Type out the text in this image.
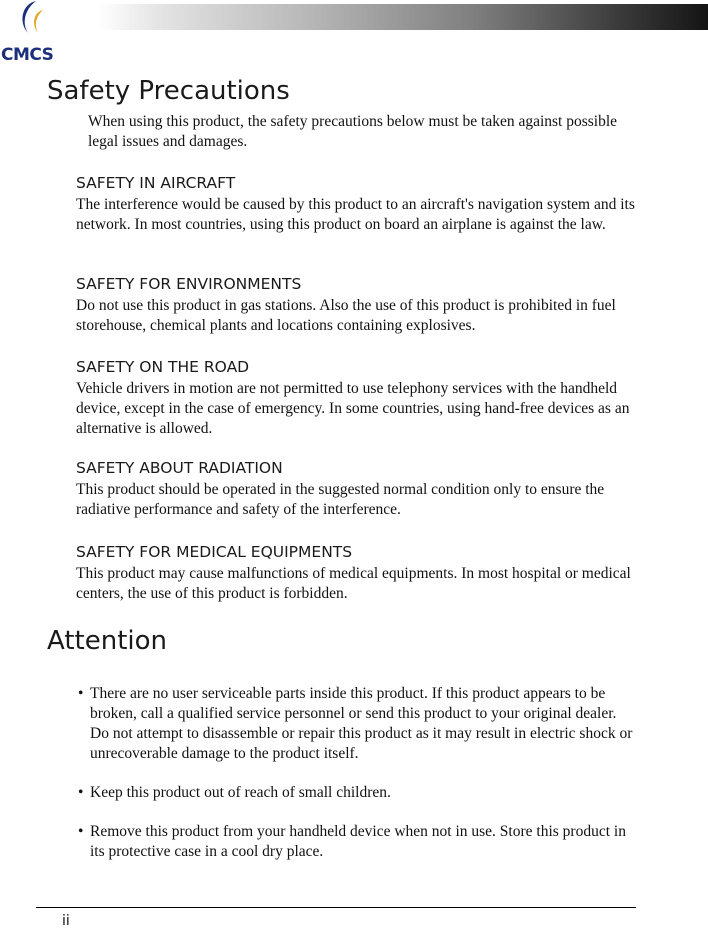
CMCS
Safety Precautions

When using this product, the safety precautions below must be taken against possible legal issues and damages.

SAFETY IN AIRCRAFT

The interference would be caused by this product to an aircraft's navigation system and its network. In most countries, using this product on board an airplane is against the law.

SAFETY FOR ENVIRONMENTS

Do not use this product in gas stations. Also the use of this product is prohibited in fuel storehouse, chemical plants and locations containing explosives.

SAFETY ON THE ROAD

Vehicle drivers in motion are not permitted to use telephony services with the handheld device, except in the case of emergency. In some countries, using hand-free devices as an alternative is allowed.

SAFETY ABOUT RADIATION

This product should be operated in the suggested normal condition only to ensure the radiative performance and safety of the interference.

SAFETY FOR MEDICAL EQUIPMENTS

This product may cause malfunctions of medical equipments. In most hospital or medical centers, the use of this product is forbidden.

Attention
• There are no user serviceable parts inside this product. If this product appears to be broken, call a qualified service personnel or send this product to your original dealer. Do not attempt to disassemble or repair this product as it may result in electric shock or unrecoverable damage to the product itself.
• Keep this product out of reach of small children.
• Remove this product from your handheld device when not in use. Store this product in its protective case in a cool dry place.
ii
